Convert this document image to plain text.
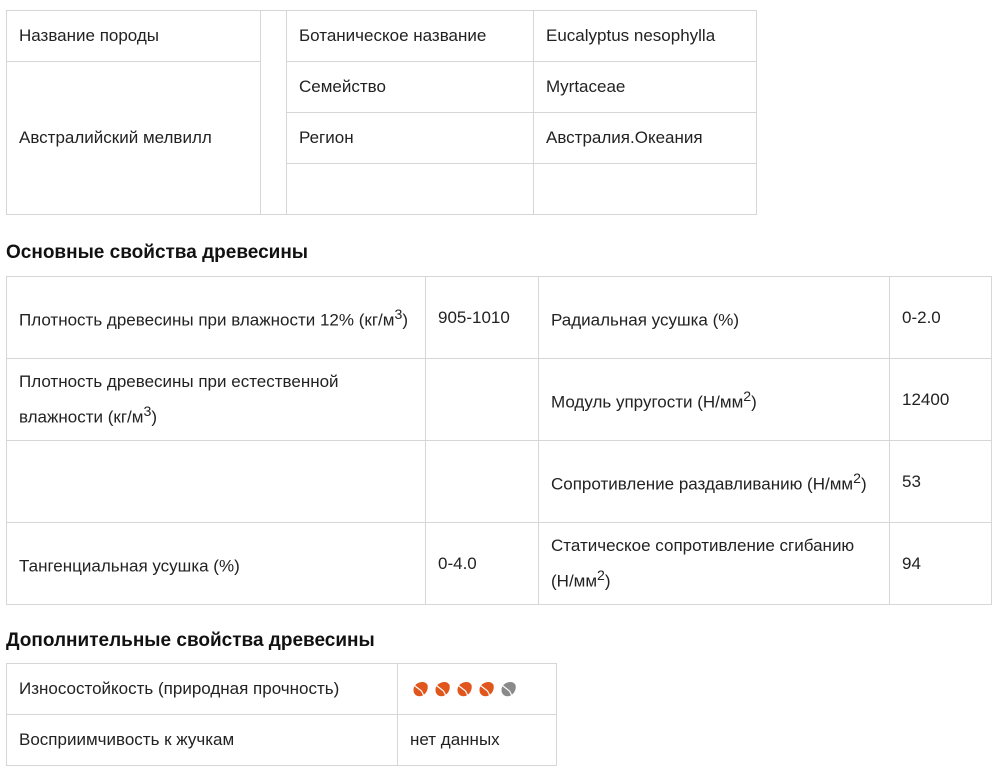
Название породы		Ботаническое название	Eucalyptus nesophylla
Австралийский мелвилл		Семейство	Myrtaceae
		Регион	Австралия.Океания

Основные свойства древесины
Плотность древесины при влажности 12% $(кг/м^3)$	905-1010	Радиальная усушка (%)	0-2.0
Плотность древесины при естественной влажности $(кг/м^3)$		Модуль упругости $(Н/мм^2)$	12400
		Сопротивление раздавливанию $(Н/мм^2)$	53
Тангенциальная усушка (%)	0-4.0	Статическое сопротивление сгибанию $(Н/мм^2)$	94
Дополнительные свойства древесины
Износостойкость (природная прочность)	

Восприимчивость к жучкам	нет данных
